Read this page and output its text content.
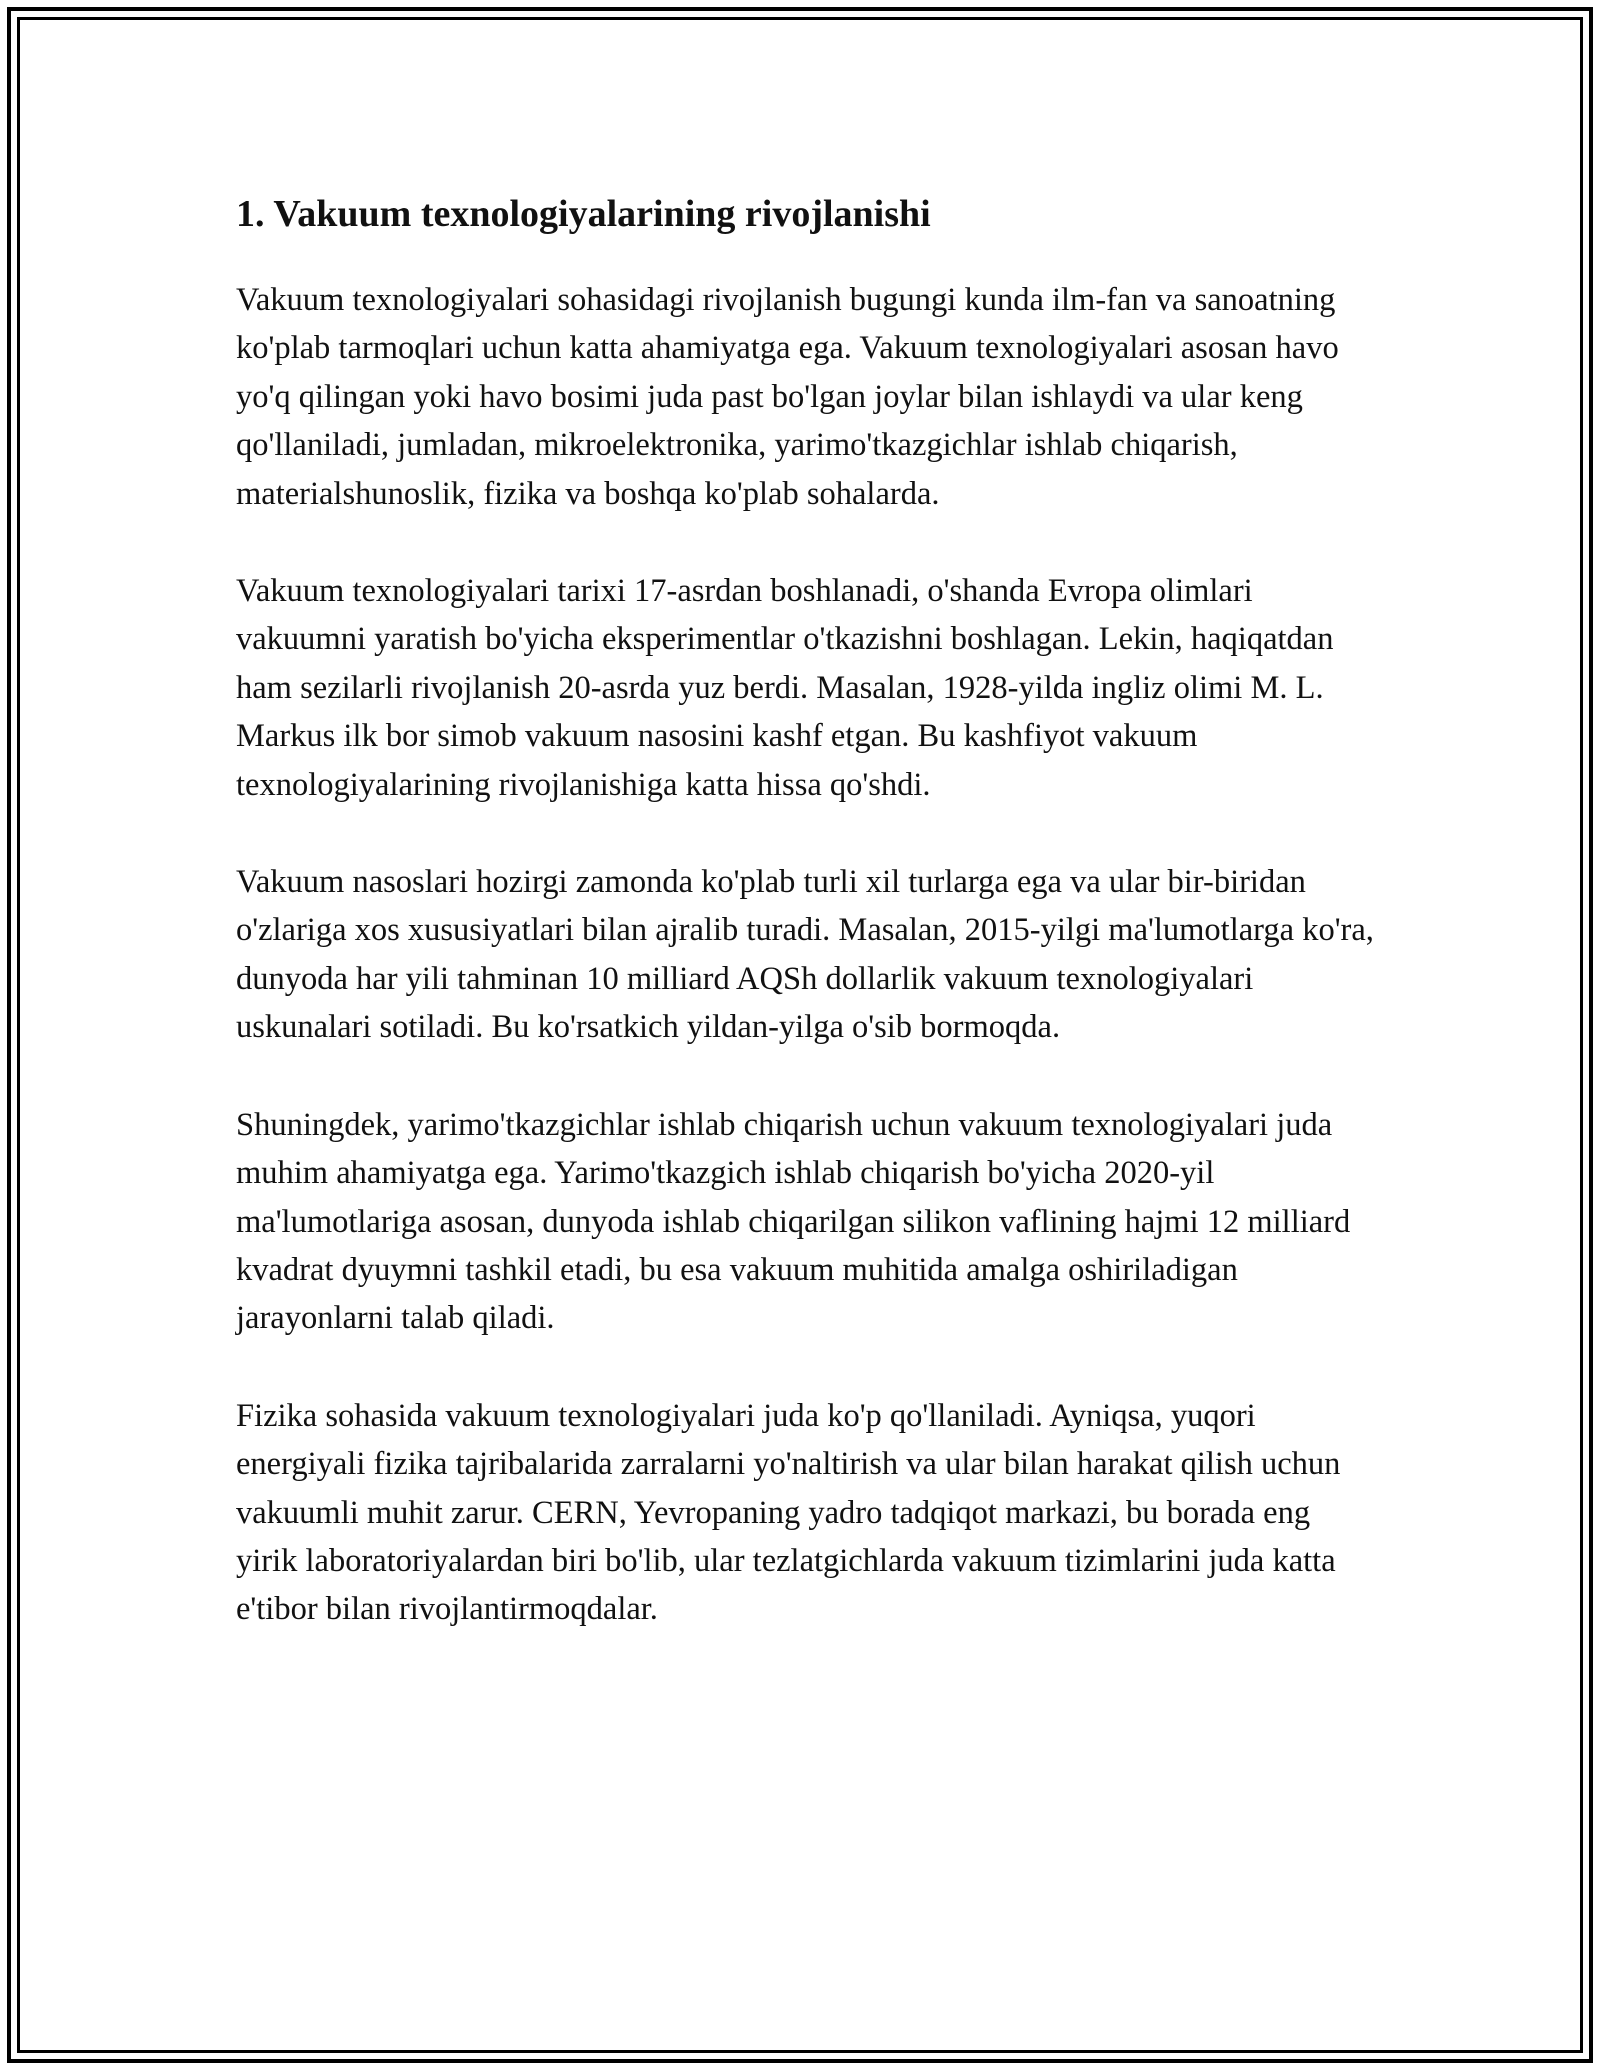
1. Vakuum texnologiyalarining rivojlanishi

Vakuum texnologiyalari sohasidagi rivojlanish bugungi kunda ilm-fan va sanoatning ko'plab tarmoqlari uchun katta ahamiyatga ega. Vakuum texnologiyalari asosan havo yo'q qilingan yoki havo bosimi juda past bo'lgan joylar bilan ishlaydi va ular keng qo'llaniladi, jumladan, mikroelektronika, yarimo'tkazgichlar ishlab chiqarish, materialshunoslik, fizika va boshqa ko'plab sohalarda.

Vakuum texnologiyalari tarixi 17-asrdan boshlanadi, o'shanda Evropa olimlari vakuumni yaratish bo'yicha eksperimentlar o'tkazishni boshlagan. Lekin, haqiqatdan ham sezilarli rivojlanish 20-asrda yuz berdi. Masalan, 1928-yilda ingliz olimi M. L. Markus ilk bor simob vakuum nasosini kashf etgan. Bu kashfiyot vakuum texnologiyalarining rivojlanishiga katta hissa qo'shdi.

Vakuum nasoslari hozirgi zamonda ko'plab turli xil turlarga ega va ular bir-biridan o'zlariga xos xususiyatlari bilan ajralib turadi. Masalan, 2015-yilgi ma'lumotlarga ko'ra, dunyoda har yili tahminan 10 milliard AQSh dollarlik vakuum texnologiyalari uskunalari sotiladi. Bu ko'rsatkich yildan-yilga o'sib bormoqda.

Shuningdek, yarimo'tkazgichlar ishlab chiqarish uchun vakuum texnologiyalari juda muhim ahamiyatga ega. Yarimo'tkazgich ishlab chiqarish bo'yicha 2020-yil ma'lumotlariga asosan, dunyoda ishlab chiqarilgan silikon vaflining hajmi 12 milliard kvadrat dyuymni tashkil etadi, bu esa vakuum muhitida amalga oshiriladigan jarayonlarni talab qiladi.

Fizika sohasida vakuum texnologiyalari juda ko'p qo'llaniladi. Ayniqsa, yuqori energiyali fizika tajribalarida zarralarni yo'naltirish va ular bilan harakat qilish uchun vakuumli muhit zarur. CERN, Yevropaning yadro tadqiqot markazi, bu borada eng yirik laboratoriyalardan biri bo'lib, ular tezlatgichlarda vakuum tizimlarini juda katta e'tibor bilan rivojlantirmoqdalar.
